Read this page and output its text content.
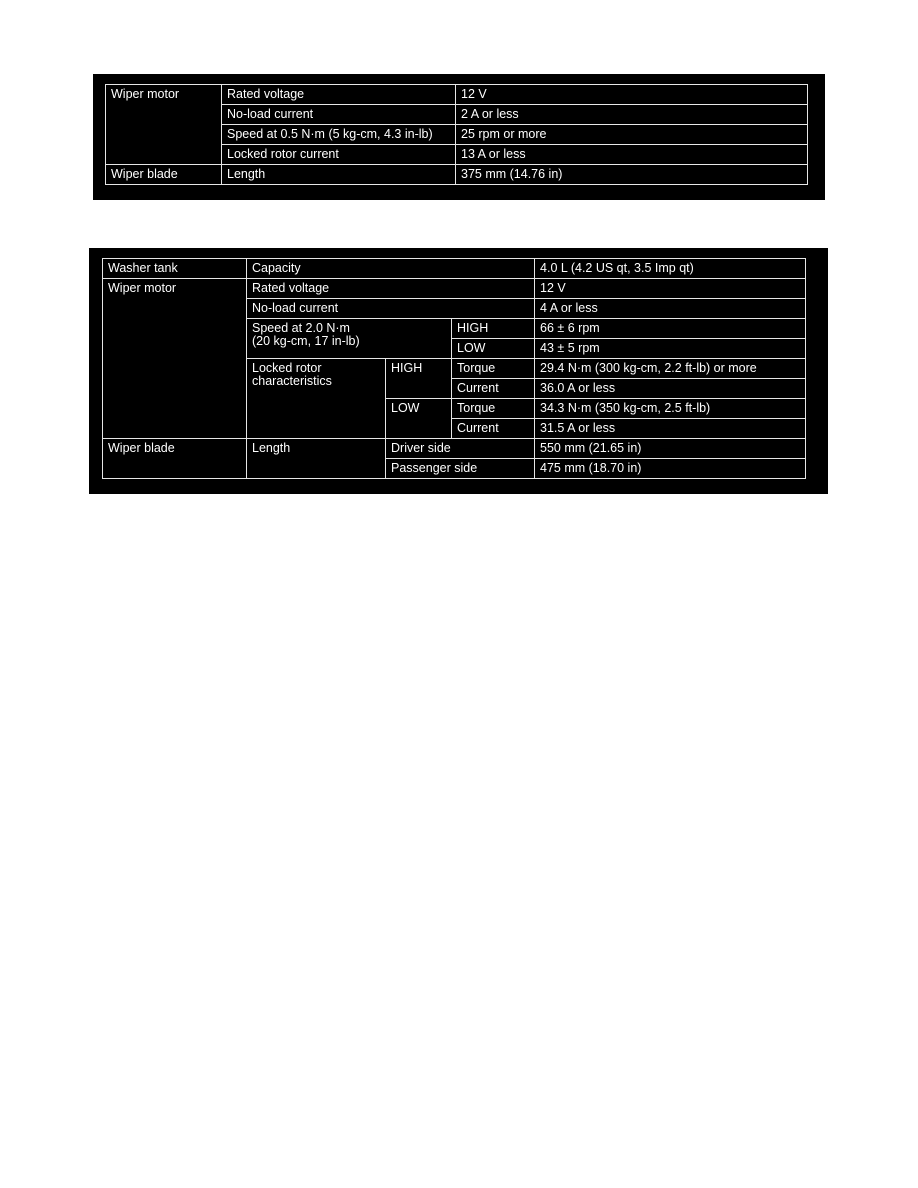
Wiper motor	Rated voltage	12 V
	No-load current	2 A or less
	Speed at 0.5 N·m (5 kg-cm, 4.3 in-lb)	25 rpm or more
	Locked rotor current	13 A or less
Wiper blade	Length	375 mm (14.76 in)
Washer tank	Capacity			4.0 L (4.2 US qt, 3.5 Imp qt)
Wiper motor	Rated voltage			12 V
	No-load current			4 A or less

	Speed at 2.0 N·m
(20 kg-cm, 17 in-lb)		HIGH	66 ± 6 rpm
			LOW	43 ± 5 rpm

	Locked rotor
characteristics	HIGH	Torque	29.4 N·m (300 kg-cm, 2.2 ft-lb) or more
			Current	36.0 A or less
		LOW	Torque	34.3 N·m (350 kg-cm, 2.5 ft-lb)
			Current	31.5 A or less
Wiper blade	Length	Driver side		550 mm (21.65 in)
		Passenger side		475 mm (18.70 in)
